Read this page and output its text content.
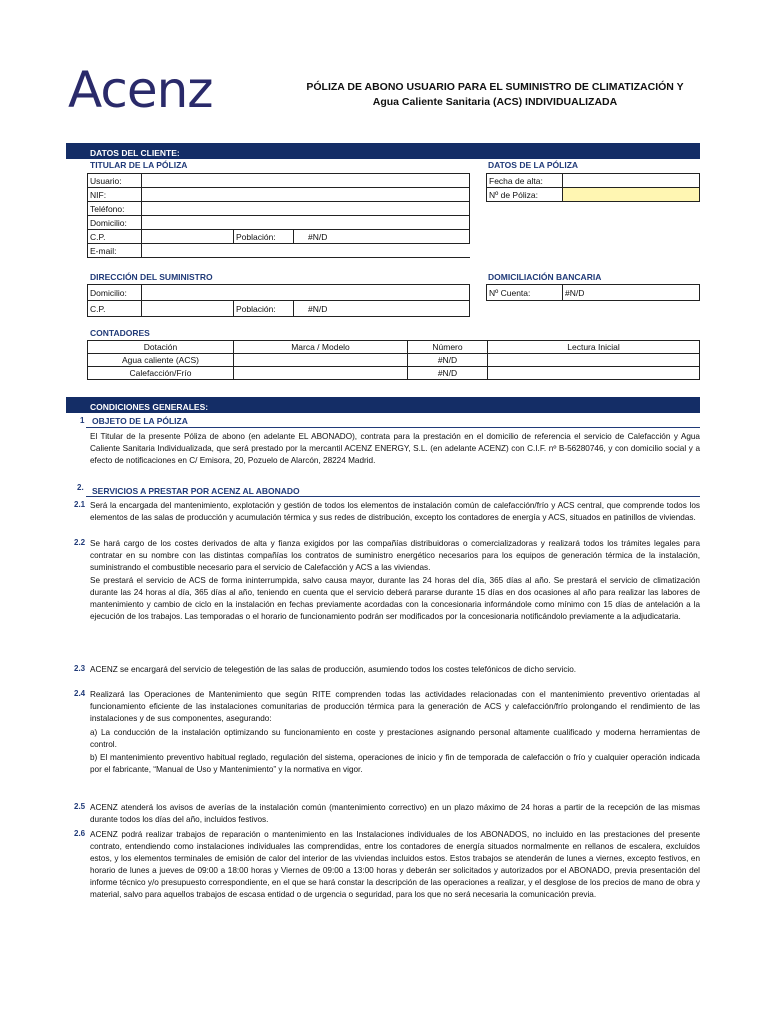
Acenz	PÓLIZA DE ABONO USUARIO PARA EL SUMINISTRO DE CLIMATIZACIÓN Y
Agua Caliente Sanitaria (ACS) INDIVIDUALIZADA
DATOS DEL CLIENTE:
TITULAR DE LA PÓLIZA	DATOS DE LA PÓLIZA
Usuario:			
NIF:			
Teléfono:			
Domicilio:			
C.P.		Población:	#N/D
E-mail:			
Fecha de alta:	
Nº de Póliza:	
DIRECCIÓN DEL SUMINISTRO	DOMICILIACIÓN BANCARIA
Domicilio:			
C.P.		Población:	#N/D
Nº Cuenta:	#N/D
CONTADORES
Dotación	Marca / Modelo	Número	Lectura Inicial
Agua caliente (ACS)		#N/D	
Calefacción/Frío		#N/D	
CONDICIONES GENERALES:
1 OBJETO DE LA PÓLIZA
El Titular de la presente Póliza de abono (en adelante EL ABONADO), contrata para la prestación en el domicilio de referencia el servicio de Calefacción y Agua Caliente Sanitaria Individualizada, que será prestado por la mercantil ACENZ ENERGY, S.L. (en adelante ACENZ) con C.I.F. nº B-56280746, y con domicilio social y a efecto de notificaciones en C/ Emisora, 20, Pozuelo de Alarcón, 28224 Madrid.
2. SERVICIOS A PRESTAR POR ACENZ AL ABONADO
2.1 Será la encargada del mantenimiento, explotación y gestión de todos los elementos de instalación común de calefacción/frío y ACS central, que comprende todos los elementos de las salas de producción y acumulación térmica y sus redes de distribución, excepto los contadores de energía y ACS, situados en patinillos de viviendas.
2.2 Se hará cargo de los costes derivados de alta y fianza exigidos por las compañías distribuidoras o comercializadoras y realizará todos los trámites legales para contratar en su nombre con las distintas compañías los contratos de suministro energético necesarios para los equipos de generación térmica de la instalación, suministrando el combustible necesario para el servicio de Calefacción y ACS a las viviendas.
Se prestará el servicio de ACS de forma ininterrumpida, salvo causa mayor, durante las 24 horas del día, 365 días al año. Se prestará el servicio de climatización durante las 24 horas al día, 365 días al año, teniendo en cuenta que el servicio deberá pararse durante 15 días en dos ocasiones al año para realizar las labores de mantenimiento y cambio de ciclo en la instalación en fechas previamente acordadas con la concesionaria informándole como mínimo con 15 días de antelación a la ejecución de los trabajos. Las temporadas o el horario de funcionamiento podrán ser modificados por la concesionaria notificándolo previamente a la adjudicataria.
2.3 ACENZ se encargará del servicio de telegestión de las salas de producción, asumiendo todos los costes telefónicos de dicho servicio.
2.4 Realizará las Operaciones de Mantenimiento que según RITE comprenden todas las actividades relacionadas con el mantenimiento preventivo orientadas al funcionamiento eficiente de las instalaciones comunitarias de producción térmica para la generación de ACS y calefacción/frío prolongando el rendimiento de las instalaciones y de sus componentes, asegurando:
a) La conducción de la instalación optimizando su funcionamiento en coste y prestaciones asignando personal altamente cualificado y moderna herramientas de control.
b) El mantenimiento preventivo habitual reglado, regulación del sistema, operaciones de inicio y fin de temporada de calefacción o frío y cualquier operación indicada por el fabricante, “Manual de Uso y Mantenimiento” y la normativa en vigor.
2.5 ACENZ atenderá los avisos de averías de la instalación común (mantenimiento correctivo) en un plazo máximo de 24 horas a partir de la recepción de las mismas durante todos los días del año, incluidos festivos.
2.6 ACENZ podrá realizar trabajos de reparación o mantenimiento en las Instalaciones individuales de los ABONADOS, no incluido en las prestaciones del presente contrato, entendiendo como instalaciones individuales las comprendidas, entre los contadores de energía situados normalmente en rellanos de escalera, excluidos estos, y los elementos terminales de emisión de calor del interior de las viviendas incluidos estos. Estos trabajos se atenderán de lunes a viernes, excepto festivos, en horario de lunes a jueves de 09:00 a 18:00 horas y Viernes de 09:00 a 13:00 horas y deberán ser solicitados y autorizados por el ABONADO, previa presentación del informe técnico y/o presupuesto correspondiente, en el que se hará constar la descripción de las operaciones a realizar, y el desglose de los precios de mano de obra y material, salvo para aquellos trabajos de escasa entidad o de urgencia o seguridad, para los que no será necesaria la comunicación previa.
